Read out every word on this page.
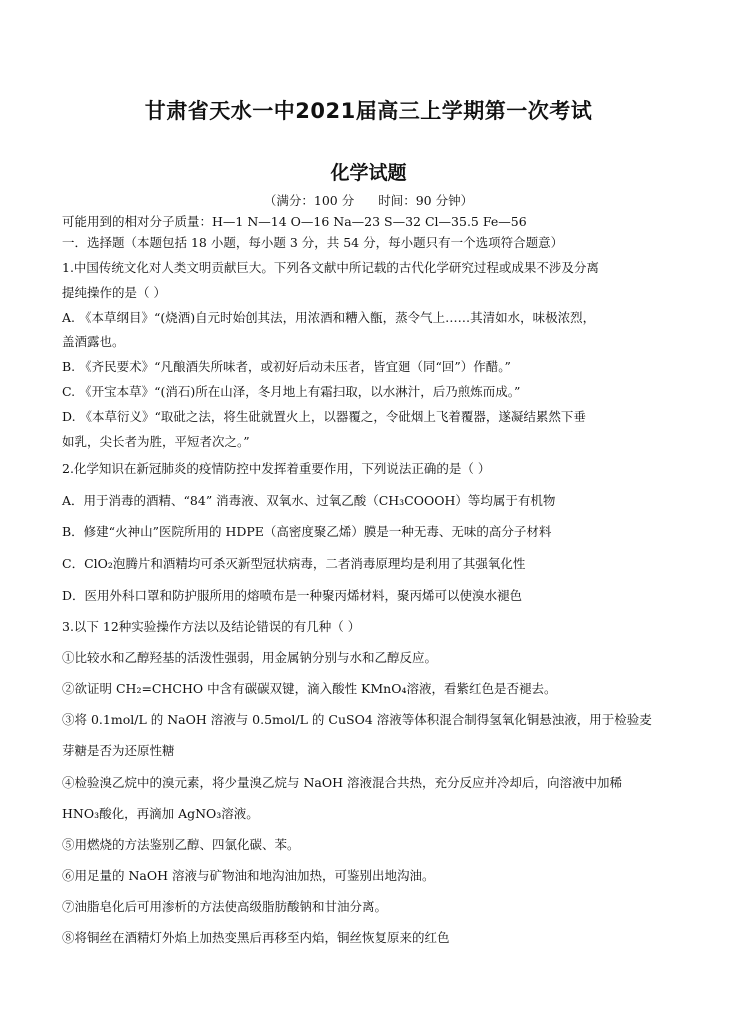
甘肃省天水一中2021届高三上学期第一次考试
化学试题
（满分：100 分 时间：90 分钟）
可能用到的相对分子质量：H—1 N—14 O—16 Na—23 S—32 Cl—35.5 Fe—56
一．选择题（本题包括 18 小题，每小题 3 分，共 54 分，每小题只有一个选项符合题意）
1.中国传统文化对人类文明贡献巨大。下列各文献中所记载的古代化学研究过程或成果不涉及分离
提纯操作的是（ ）
A. 《本草纲目》“(烧酒)自元时始创其法，用浓酒和糟入甑，蒸令气上……其清如水，味极浓烈，
盖酒露也。
B. 《齐民要术》“凡酿酒失所味者，或初好后动未压者，皆宜廻（同“回”）作醋。”
C. 《开宝本草》“(消石)所在山泽，冬月地上有霜扫取，以水淋汁，后乃煎炼而成。”
D. 《本草衍义》“取砒之法，将生砒就置火上，以器覆之，令砒烟上飞着覆器，遂凝结累然下垂
如乳，尖长者为胜，平短者次之。”
2.化学知识在新冠肺炎的疫情防控中发挥着重要作用，下列说法正确的是（ ）
A．用于消毒的酒精、“84” 消毒液、双氧水、过氧乙酸（CH₃COOOH）等均属于有机物
B．修建“火神山”医院所用的 HDPE（高密度聚乙烯）膜是一种无毒、无味的高分子材料
C．ClO₂泡腾片和酒精均可杀灭新型冠状病毒，二者消毒原理均是利用了其强氧化性
D．医用外科口罩和防护服所用的熔喷布是一种聚丙烯材料，聚丙烯可以使溴水褪色
3.以下 12种实验操作方法以及结论错误的有几种（ ）
①比较水和乙醇羟基的活泼性强弱，用金属钠分别与水和乙醇反应。
②欲证明 CH₂=CHCHO 中含有碳碳双键，滴入酸性 KMnO₄溶液，看紫红色是否褪去。
③将 0.1mol/L 的 NaOH 溶液与 0.5mol/L 的 CuSO4 溶液等体积混合制得氢氧化铜悬浊液，用于检验麦
芽糖是否为还原性糖
④检验溴乙烷中的溴元素，将少量溴乙烷与 NaOH 溶液混合共热，充分反应并冷却后，向溶液中加稀
HNO₃酸化，再滴加 AgNO₃溶液。
⑤用燃烧的方法鉴别乙醇、四氯化碳、苯。
⑥用足量的 NaOH 溶液与矿物油和地沟油加热，可鉴别出地沟油。
⑦油脂皂化后可用渗析的方法使高级脂肪酸钠和甘油分离。
⑧将铜丝在酒精灯外焰上加热变黑后再移至内焰，铜丝恢复原来的红色
